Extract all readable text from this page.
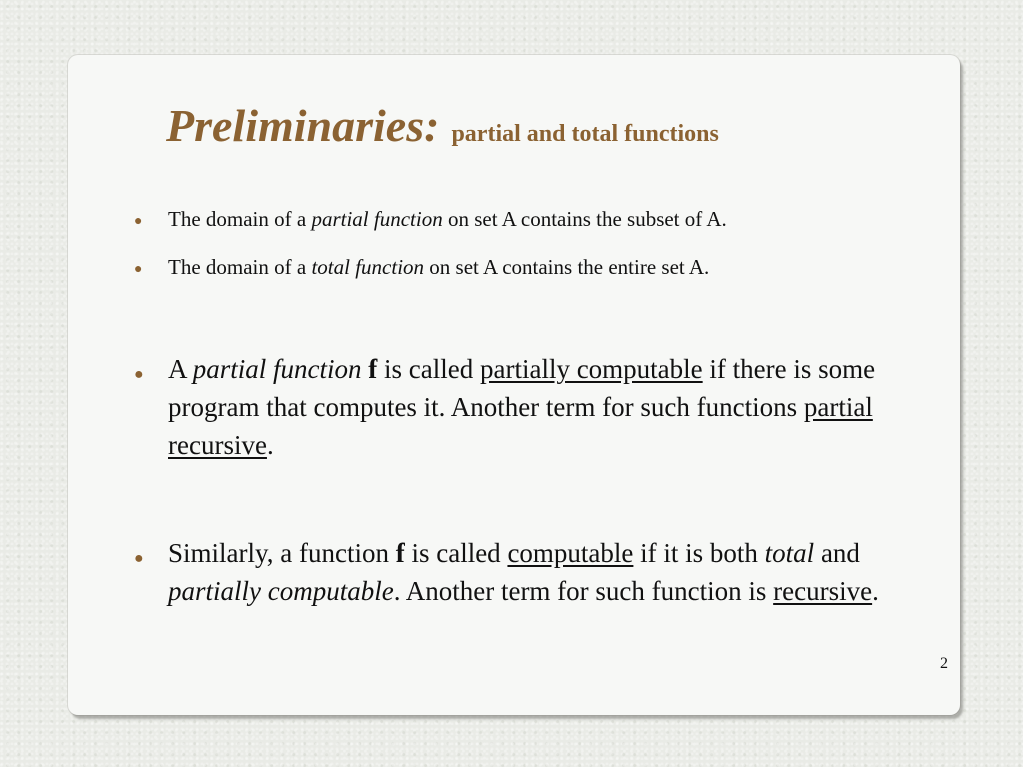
Preliminaries: partial and total functions
●	The domain of a partial function on set A contains the subset of A.
●	The domain of a total function on set A contains the entire set A.
● A partial function f is called partially computable if there is some program that computes it. Another term for such functions partial recursive.
● Similarly, a function f is called computable if it is both total and partially computable. Another term for such function is recursive.
2
